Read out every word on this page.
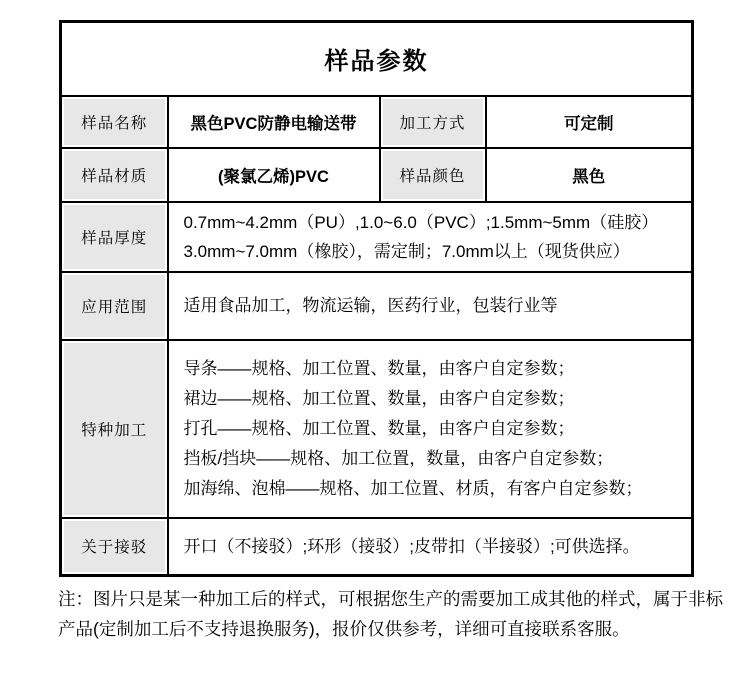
样品参数			
样品名称	黑色PVC防静电输送带	加工方式	可定制
样品材质	(聚氯乙烯)PVC	样品颜色	黑色
样品厚度	0.7mm~4.2mm（PU）,1.0~6.0（PVC）;1.5mm~5mm（硅胶）
3.0mm~7.0mm（橡胶），需定制；7.0mm以上（现货供应）		

应用范围	适用食品加工，物流运输，医药行业，包装行业等		

特种加工	导条——规格、加工位置、数量，由客户自定参数；
裙边——规格、加工位置、数量，由客户自定参数；
打孔——规格、加工位置、数量，由客户自定参数；
挡板/挡块——规格、加工位置，数量，由客户自定参数；
加海绵、泡棉——规格、加工位置、材质，有客户自定参数；		

关于接驳	开口（不接驳）;环形（接驳）;皮带扣（半接驳）;可供选择。		
注：图片只是某一种加工后的样式，可根据您生产的需要加工成其他的样式，属于非标
产品(定制加工后不支持退换服务)，报价仅供参考，详细可直接联系客服。
